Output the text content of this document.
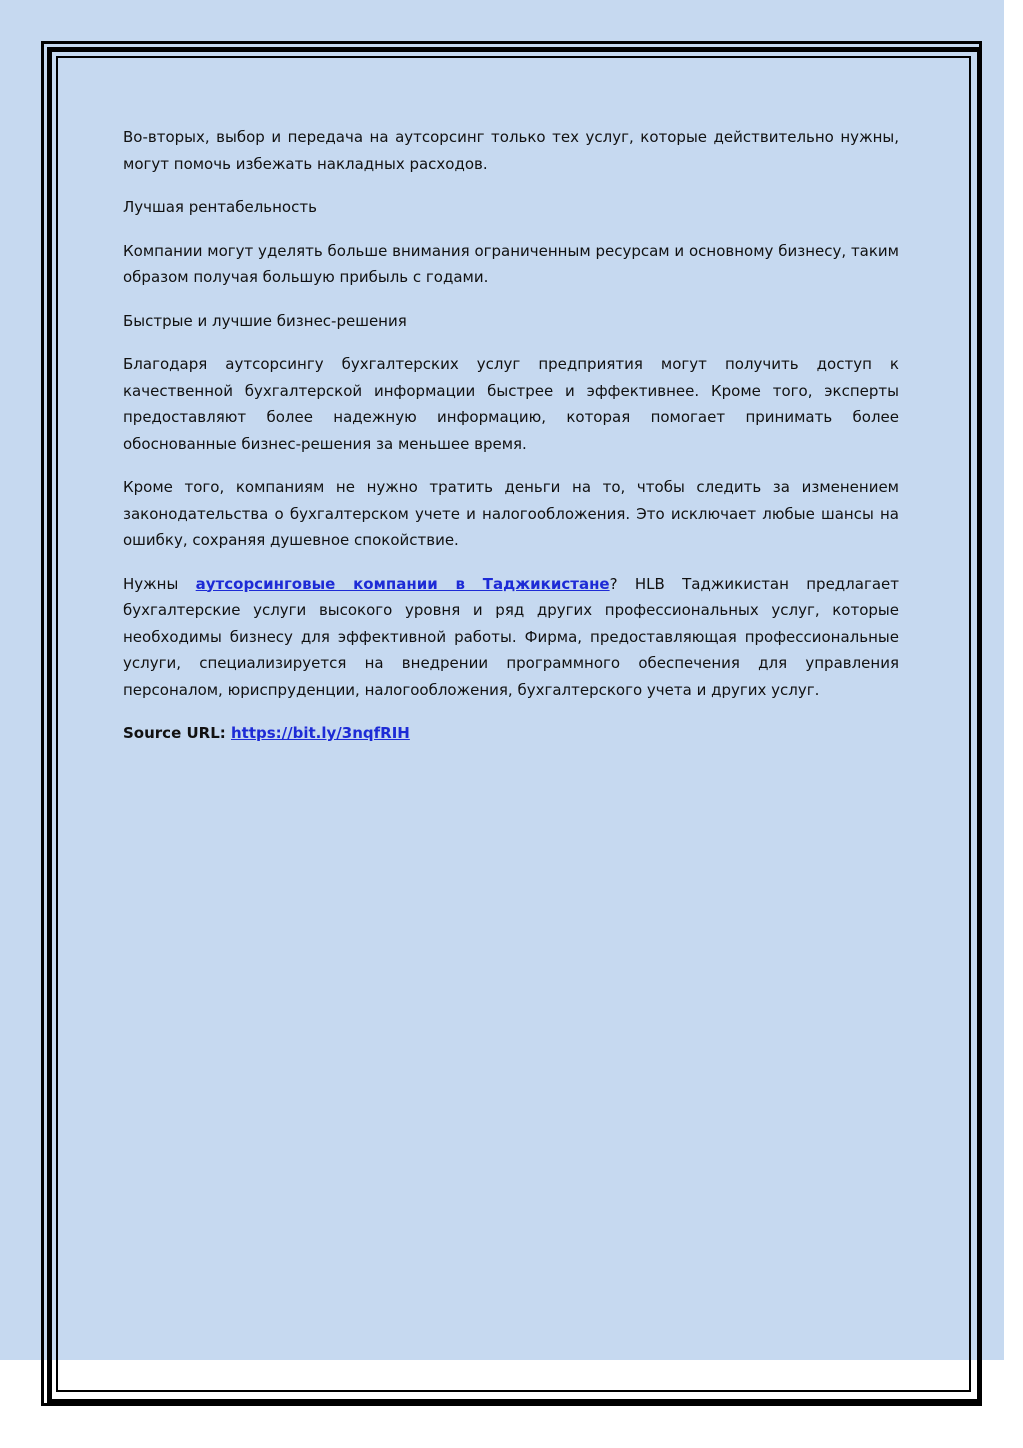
Во-вторых, выбор и передача на аутсорсинг только тех услуг, которые действительно нужны, могут помочь избежать накладных расходов.

Лучшая рентабельность

Компании могут уделять больше внимания ограниченным ресурсам и основному бизнесу, таким образом получая большую прибыль с годами.

Быстрые и лучшие бизнес-решения

Благодаря аутсорсингу бухгалтерских услуг предприятия могут получить доступ к качественной бухгалтерской информации быстрее и эффективнее. Кроме того, эксперты предоставляют более надежную информацию, которая помогает принимать более обоснованные бизнес-решения за меньшее время.

Кроме того, компаниям не нужно тратить деньги на то, чтобы следить за изменением законодательства о бухгалтерском учете и налогообложения. Это исключает любые шансы на ошибку, сохраняя душевное спокойствие.

Нужны аутсорсинговые компании в Таджикистане? HLB Таджикистан предлагает бухгалтерские услуги высокого уровня и ряд других профессиональных услуг, которые необходимы бизнесу для эффективной работы. Фирма, предоставляющая профессиональные услуги, специализируется на внедрении программного обеспечения для управления персоналом, юриспруденции, налогообложения, бухгалтерского учета и других услуг.

Source URL: https://bit.ly/3nqfRIH
